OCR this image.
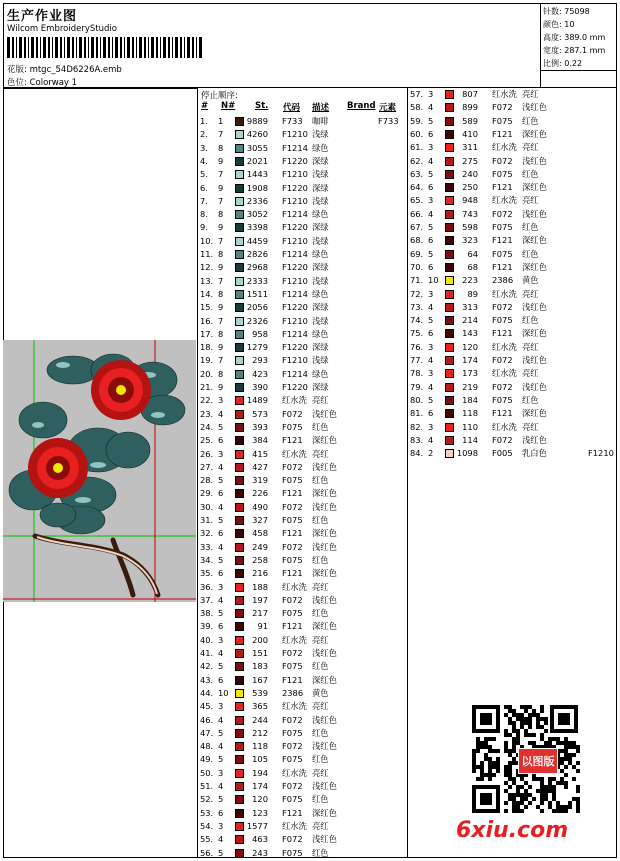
生产作业图
Wilcom EmbroideryStudio
花版: mtgc_54D6226A.emb
色位: Colorway 1
针数: 75098
颜色: 10
高度: 389.0 mm
宽度: 287.1 mm
比例: 0.22
停止顺序:
# N# St. 代码 描述 Brand 元素
1. 1	9889 F733 咖啡	F733
2. 7	4260 F1210 浅绿
3. 8	3055 F1214 绿色
4. 9	2021 F1220 深绿
5. 7	1443 F1210 浅绿
6. 9	1908 F1220 深绿
7. 7	2336 F1210 浅绿
8. 8	3052 F1214 绿色
9. 9	3398 F1220 深绿
10. 7	4459 F1210 浅绿
11. 8	2826 F1214 绿色
12. 9	2968 F1220 深绿
13. 7	2333 F1210 浅绿
14. 8	1511 F1214 绿色
15. 9	2056 F1220 深绿
16. 7	2326 F1210 浅绿
17. 8	958 F1214 绿色
18. 9	1279 F1220 深绿
19. 7	293 F1210 浅绿
20. 8	423 F1214 绿色
21. 9	390 F1220 深绿
22. 3	1489 红水洗 亮红
23. 4	573 F072 浅红色
24. 5	393 F075 红色
25. 6	384 F121 深红色
26. 3	415 红水洗 亮红
27. 4	427 F072 浅红色
28. 5	319 F075 红色
29. 6	226 F121 深红色
30. 4	490 F072 浅红色
31. 5	327 F075 红色
32. 6	458 F121 深红色
33. 4	249 F072 浅红色
34. 5	258 F075 红色
35. 6	216 F121 深红色
36. 3	188 红水洗 亮红
37. 4	197 F072 浅红色
38. 5	217 F075 红色
39. 6	91 F121 深红色
40. 3	200 红水洗 亮红
41. 4	151 F072 浅红色
42. 5	183 F075 红色
43. 6	167 F121 深红色
44. 10	539 2386 黄色
45. 3	365 红水洗 亮红
46. 4	244 F072 浅红色
47. 5	212 F075 红色
48. 4	118 F072 浅红色
49. 5	105 F075 红色
50. 3	194 红水洗 亮红
51. 4	174 F072 浅红色
52. 5	120 F075 红色
53. 6	123 F121 深红色
54. 3	1577 红水洗 亮红
55. 4	463 F072 浅红色
56. 5	243 F075 红色
57. 3	807 红水洗 亮红
58. 4	899 F072 浅红色
59. 5	589 F075 红色
60. 6	410 F121 深红色
61. 3	311 红水洗 亮红
62. 4	275 F072 浅红色
63. 5	240 F075 红色
64. 6	250 F121 深红色
65. 3	948 红水洗 亮红
66. 4	743 F072 浅红色
67. 5	598 F075 红色
68. 6	323 F121 深红色
69. 5	64 F075 红色
70. 6	68 F121 深红色
71. 10	223 2386 黄色
72. 3	89 红水洗 亮红
73. 4	313 F072 浅红色
74. 5	214 F075 红色
75. 6	143 F121 深红色
76. 3	120 红水洗 亮红
77. 4	174 F072 浅红色
78. 3	173 红水洗 亮红
79. 4	219 F072 浅红色
80. 5	184 F075 红色
81. 6	118 F121 深红色
82. 3	110 红水洗 亮红
83. 4	114 F072 浅红色
84. 2	1098 F005 乳白色	F1210
以图版
6xiu.com
